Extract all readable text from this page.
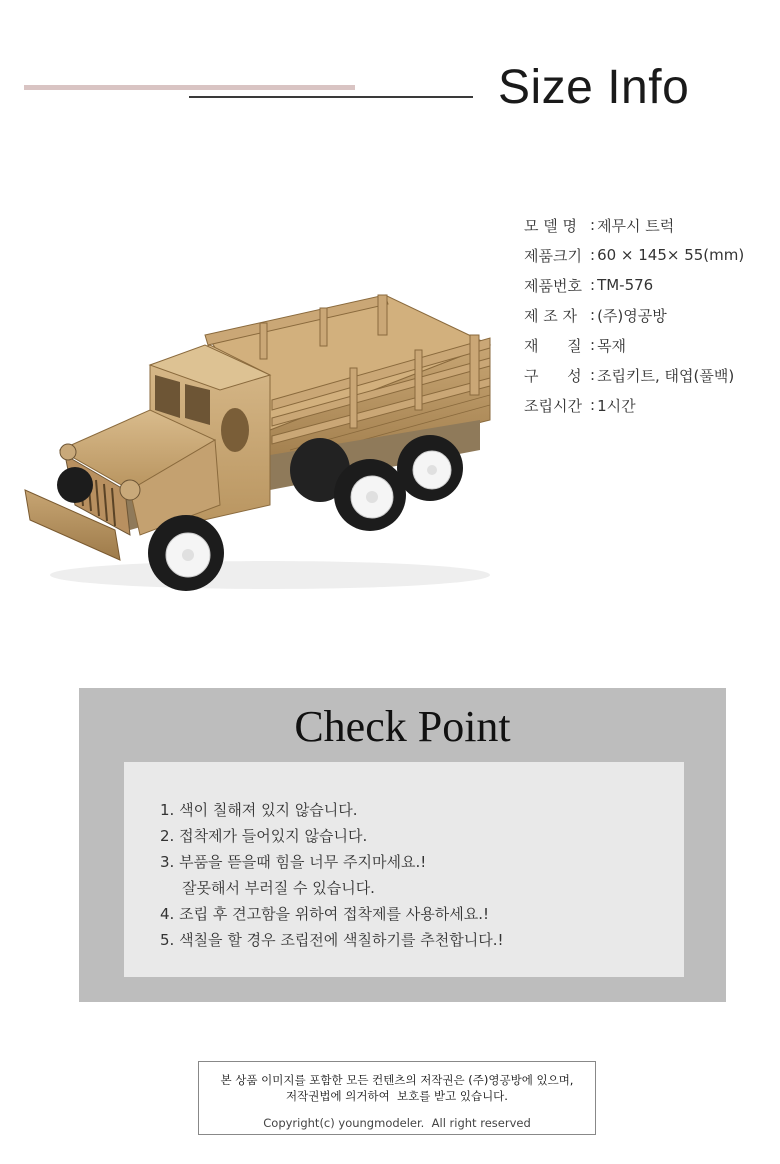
Size Info
모 델 명 : 제무시 트럭
제품크기 : 60 × 145× 55(mm)
제품번호 : TM-576
제 조 자 : (주)영공방
재      질 : 목재
구      성 : 조립키트, 태엽(풀백)
조립시간 : 1시간
Check Point
1. 색이 칠해져 있지 않습니다.
2. 접착제가 들어있지 않습니다.
3. 부품을 뜯을때 힘을 너무 주지마세요.!
잘못해서 부러질 수 있습니다.
4. 조립 후 견고함을 위하여 접착제를 사용하세요.!
5. 색칠을 할 경우 조립전에 색칠하기를 추천합니다.!
본 상품 이미지를 포함한 모든 컨텐츠의 저작권은 (주)영공방에 있으며,
저작권법에 의거하여  보호를 받고 있습니다.
Copyright(c) youngmodeler.  All right reserved
